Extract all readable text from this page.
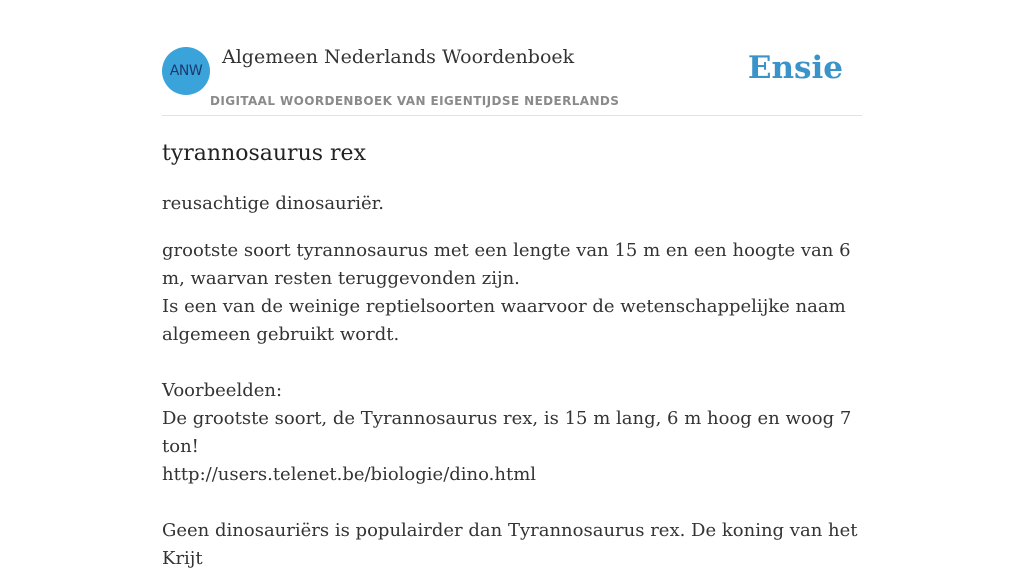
ANW
Algemeen Nederlands Woordenboek
DIGITAAL WOORDENBOEK VAN EIGENTIJDSE NEDERLANDS
Ensie
tyrannosaurus rex

reusachtige dinosauriër.

grootste soort tyrannosaurus met een lengte van 15 m en een hoogte van 6 m, waarvan resten teruggevonden zijn.
Is een van de weinige reptielsoorten waarvoor de wetenschappelijke naam algemeen gebruikt wordt.

Voorbeelden:
De grootste soort, de Tyrannosaurus rex, is 15 m lang, 6 m hoog en woog 7 ton!
http://users.telenet.be/biologie/dino.html

Geen dinosauriërs is populairder dan Tyrannosaurus rex. De koning van het Krijt
